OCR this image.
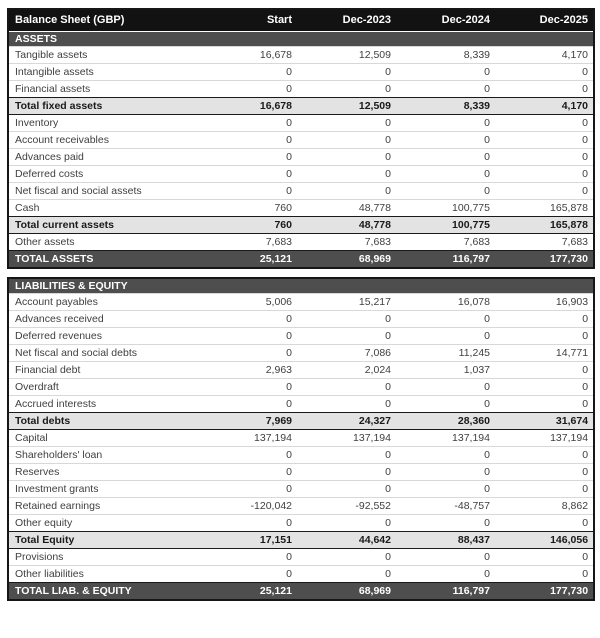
Balance Sheet (GBP)	Start	Dec-2023	Dec-2024	Dec-2025
ASSETS				
Tangible assets	16,678	12,509	8,339	4,170
Intangible assets	0	0	0	0
Financial assets	0	0	0	0
Total fixed assets	16,678	12,509	8,339	4,170
Inventory	0	0	0	0
Account receivables	0	0	0	0
Advances paid	0	0	0	0
Deferred costs	0	0	0	0
Net fiscal and social assets	0	0	0	0
Cash	760	48,778	100,775	165,878
Total current assets	760	48,778	100,775	165,878
Other assets	7,683	7,683	7,683	7,683
TOTAL ASSETS	25,121	68,969	116,797	177,730
LIABILITIES & EQUITY				
Account payables	5,006	15,217	16,078	16,903
Advances received	0	0	0	0
Deferred revenues	0	0	0	0
Net fiscal and social debts	0	7,086	11,245	14,771
Financial debt	2,963	2,024	1,037	0
Overdraft	0	0	0	0
Accrued interests	0	0	0	0
Total debts	7,969	24,327	28,360	31,674
Capital	137,194	137,194	137,194	137,194
Shareholders' loan	0	0	0	0
Reserves	0	0	0	0
Investment grants	0	0	0	0
Retained earnings	-120,042	-92,552	-48,757	8,862
Other equity	0	0	0	0
Total Equity	17,151	44,642	88,437	146,056
Provisions	0	0	0	0
Other liabilities	0	0	0	0
TOTAL LIAB. & EQUITY	25,121	68,969	116,797	177,730
